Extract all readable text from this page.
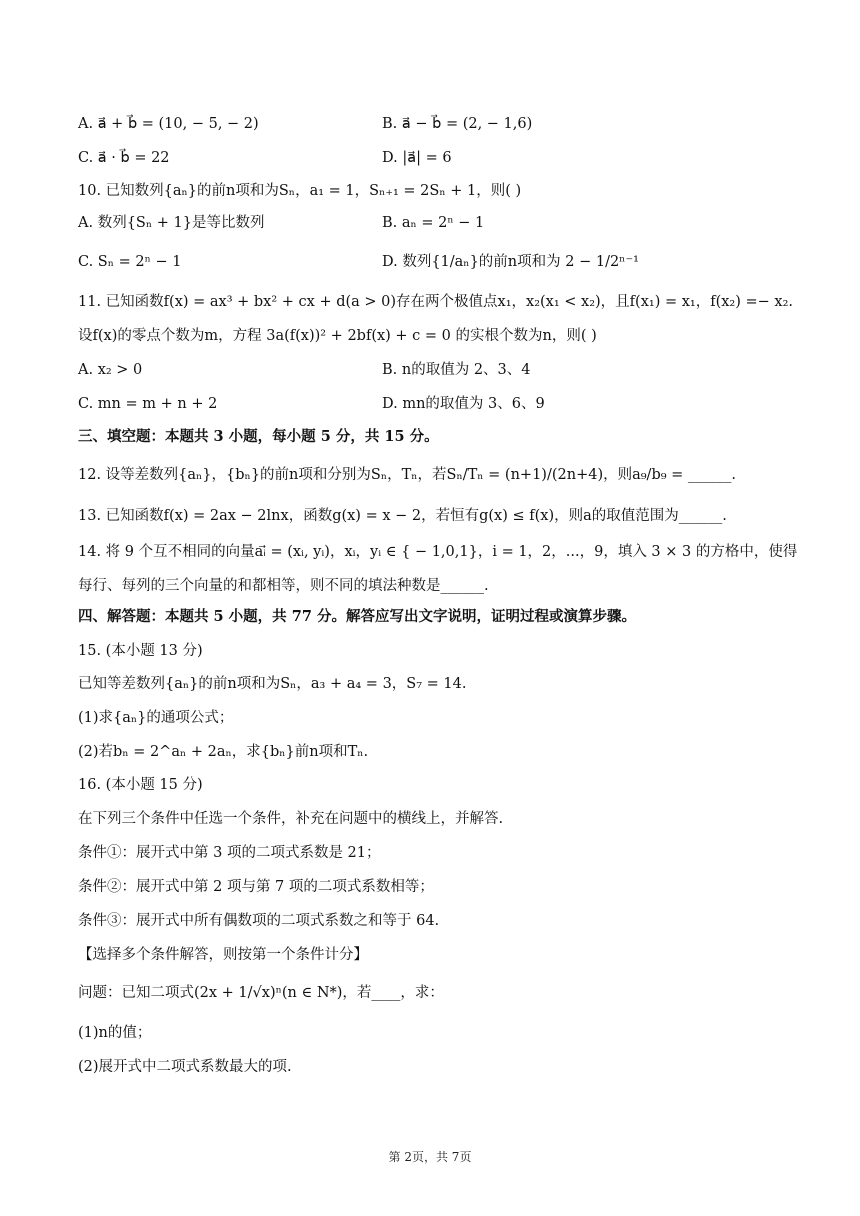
A. a⃗ + b⃗ = (10, − 5, − 2)	B. a⃗ − b⃗ = (2, − 1,6)
C. a⃗ · b⃗ = 22	D. |a⃗| = 6
10. 已知数列{aₙ}的前n项和为Sₙ，a₁ = 1，Sₙ₊₁ = 2Sₙ + 1，则( )
A. 数列{Sₙ + 1}是等比数列	B. aₙ = 2ⁿ − 1
C. Sₙ = 2ⁿ − 1	D. 数列{1/aₙ}的前n项和为 2 − 1/2ⁿ⁻¹
11. 已知函数f(x) = ax³ + bx² + cx + d(a > 0)存在两个极值点x₁，x₂(x₁ < x₂)，且f(x₁) = x₁，f(x₂) =− x₂.
设f(x)的零点个数为m，方程 3a(f(x))² + 2bf(x) + c = 0 的实根个数为n，则( )
A. x₂ > 0	B. n的取值为 2、3、4
C. mn = m + n + 2	D. mn的取值为 3、6、9
三、填空题：本题共 3 小题，每小题 5 分，共 15 分。
12. 设等差数列{aₙ}，{bₙ}的前n项和分别为Sₙ，Tₙ，若Sₙ/Tₙ = (n+1)/(2n+4)，则a₉/b₉ = ______.
13. 已知函数f(x) = 2ax − 2lnx，函数g(x) = x − 2，若恒有g(x) ≤ f(x)，则a的取值范围为______.
14. 将 9 个互不相同的向量aᵢ⃗ = (xᵢ, yᵢ)，xᵢ，yᵢ ∈ { − 1,0,1}，i = 1，2，...，9，填入 3 × 3 的方格中，使得
每行、每列的三个向量的和都相等，则不同的填法种数是______.
四、解答题：本题共 5 小题，共 77 分。解答应写出文字说明，证明过程或演算步骤。
15. (本小题 13 分)
已知等差数列{aₙ}的前n项和为Sₙ，a₃ + a₄ = 3，S₇ = 14.
(1)求{aₙ}的通项公式；
(2)若bₙ = 2^aₙ + 2aₙ，求{bₙ}前n项和Tₙ.
16. (本小题 15 分)
在下列三个条件中任选一个条件，补充在问题中的横线上，并解答.
条件①：展开式中第 3 项的二项式系数是 21；
条件②：展开式中第 2 项与第 7 项的二项式系数相等；
条件③：展开式中所有偶数项的二项式系数之和等于 64.
【选择多个条件解答，则按第一个条件计分】
问题：已知二项式(2x + 1/√x)ⁿ(n ∈ N*)，若____，求：
(1)n的值；
(2)展开式中二项式系数最大的项.
第 2页，共 7页
